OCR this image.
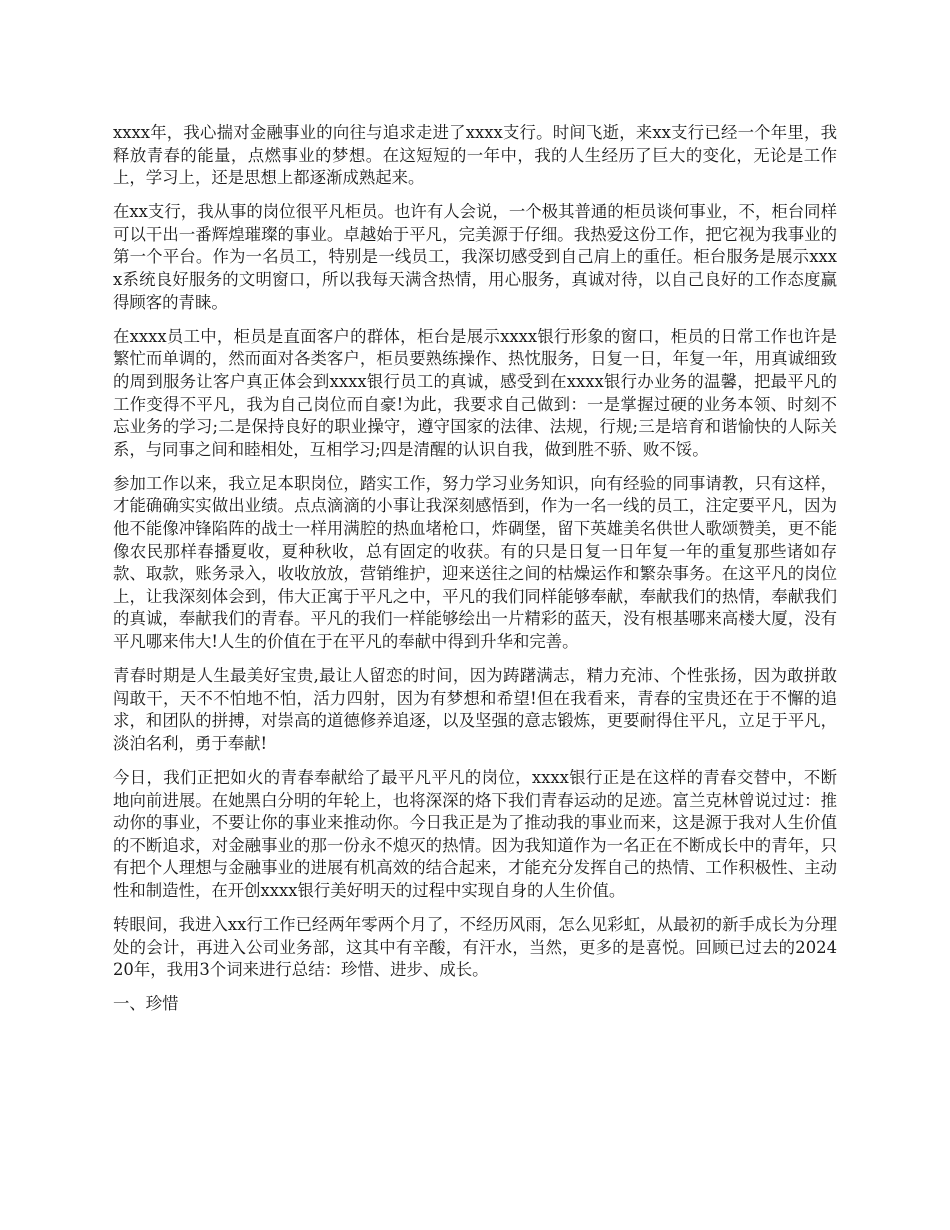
xxxx年，我心揣对金融事业的向往与追求走进了xxxx支行。时间飞逝，来xx支行已经一个年里，我释放青春的能量，点燃事业的梦想。在这短短的一年中，我的人生经历了巨大的变化，无论是工作上，学习上，还是思想上都逐渐成熟起来。

在xx支行，我从事的岗位很平凡柜员。也许有人会说，一个极其普通的柜员谈何事业，不，柜台同样可以干出一番辉煌璀璨的事业。卓越始于平凡，完美源于仔细。我热爱这份工作，把它视为我事业的第一个平台。作为一名员工，特别是一线员工，我深切感受到自己肩上的重任。柜台服务是展示xxxx系统良好服务的文明窗口，所以我每天满含热情，用心服务，真诚对待，以自己良好的工作态度赢得顾客的青睐。

在xxxx员工中，柜员是直面客户的群体，柜台是展示xxxx银行形象的窗口，柜员的日常工作也许是繁忙而单调的，然而面对各类客户，柜员要熟练操作、热忱服务，日复一日，年复一年，用真诚细致的周到服务让客户真正体会到xxxx银行员工的真诚，感受到在xxxx银行办业务的温馨，把最平凡的工作变得不平凡，我为自己岗位而自豪!为此，我要求自己做到：一是掌握过硬的业务本领、时刻不忘业务的学习;二是保持良好的职业操守，遵守国家的法律、法规，行规;三是培育和谐愉快的人际关系，与同事之间和睦相处，互相学习;四是清醒的认识自我，做到胜不骄、败不馁。

参加工作以来，我立足本职岗位，踏实工作，努力学习业务知识，向有经验的同事请教，只有这样，才能确确实实做出业绩。点点滴滴的小事让我深刻感悟到，作为一名一线的员工，注定要平凡，因为他不能像冲锋陷阵的战士一样用满腔的热血堵枪口，炸碉堡，留下英雄美名供世人歌颂赞美，更不能像农民那样春播夏收，夏种秋收，总有固定的收获。有的只是日复一日年复一年的重复那些诸如存款、取款，账务录入，收收放放，营销维护，迎来送往之间的枯燥运作和繁杂事务。在这平凡的岗位上，让我深刻体会到，伟大正寓于平凡之中，平凡的我们同样能够奉献，奉献我们的热情，奉献我们的真诚，奉献我们的青春。平凡的我们一样能够绘出一片精彩的蓝天，没有根基哪来高楼大厦，没有平凡哪来伟大!人生的价值在于在平凡的奉献中得到升华和完善。

青春时期是人生最美好宝贵,最让人留恋的时间，因为踌躇满志，精力充沛、个性张扬，因为敢拼敢闯敢干，天不不怕地不怕，活力四射，因为有梦想和希望!但在我看来，青春的宝贵还在于不懈的追求，和团队的拼搏，对崇高的道德修养追逐，以及坚强的意志锻炼，更要耐得住平凡，立足于平凡，淡泊名利，勇于奉献!

今日，我们正把如火的青春奉献给了最平凡平凡的岗位，xxxx银行正是在这样的青春交替中，不断地向前进展。在她黑白分明的年轮上，也将深深的烙下我们青春运动的足迹。富兰克林曾说过过：推动你的事业，不要让你的事业来推动你。今日我正是为了推动我的事业而来，这是源于我对人生价值的不断追求，对金融事业的那一份永不熄灭的热情。因为我知道作为一名正在不断成长中的青年，只有把个人理想与金融事业的进展有机高效的结合起来，才能充分发挥自己的热情、工作积极性、主动性和制造性，在开创xxxx银行美好明天的过程中实现自身的人生价值。

转眼间，我进入xx行工作已经两年零两个月了，不经历风雨，怎么见彩虹，从最初的新手成长为分理处的会计，再进入公司业务部，这其中有辛酸，有汗水，当然，更多的是喜悦。回顾已过去的202420年，我用3个词来进行总结：珍惜、进步、成长。

一、珍惜
